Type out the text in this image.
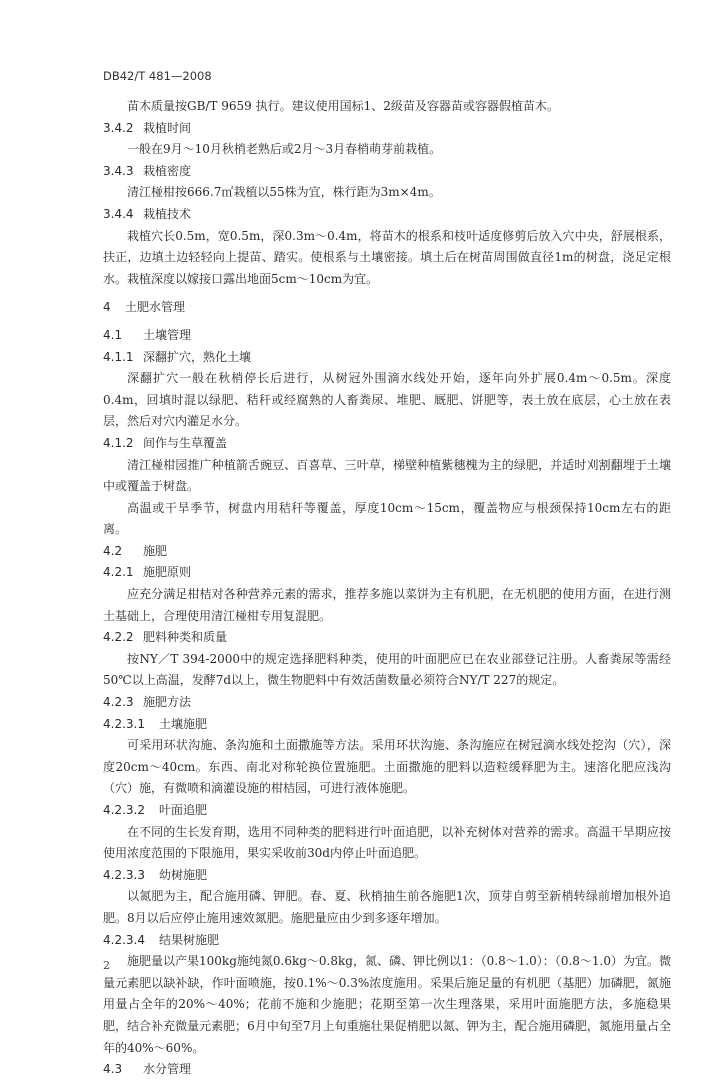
DB42/T 481—2008

苗木质量按GB/T 9659 执行。建议使用国标1、2级苗及容器苗或容器假植苗木。

3.4.2 栽植时间

一般在9月～10月秋梢老熟后或2月～3月春梢萌芽前栽植。

3.4.3 栽植密度

清江椪柑按666.7㎡栽植以55株为宜，株行距为3m×4m。

3.4.4 栽植技术

栽植穴长0.5m，宽0.5m，深0.3m～0.4m，将苗木的根系和枝叶适度修剪后放入穴中央，舒展根系，扶正，边填土边轻轻向上提苗、踏实。使根系与土壤密接。填土后在树苗周围做直径1m的树盘，浇足定根水。栽植深度以嫁接口露出地面5cm～10cm为宜。

4 土肥水管理
4.1 土壤管理
4.1.1 深翻扩穴，熟化土壤

深翻扩穴一般在秋梢停长后进行，从树冠外围滴水线处开始，逐年向外扩展0.4m～0.5m。深度0.4m，回填时混以绿肥、秸秆或经腐熟的人畜粪尿、堆肥、厩肥、饼肥等，表土放在底层，心土放在表层，然后对穴内灌足水分。

4.1.2 间作与生草覆盖

清江椪柑园推广种植箭舌豌豆、百喜草、三叶草，梯壁种植紫穗槐为主的绿肥，并适时刈割翻埋于土壤中或覆盖于树盘。

高温或干旱季节，树盘内用秸秆等覆盖，厚度10cm～15cm，覆盖物应与根颈保持10cm左右的距离。

4.2 施肥
4.2.1 施肥原则

应充分满足柑桔对各种营养元素的需求，推荐多施以菜饼为主有机肥，在无机肥的使用方面，在进行测土基础上，合理使用清江椪柑专用复混肥。

4.2.2 肥料种类和质量

按NY／T 394-2000中的规定选择肥料种类，使用的叶面肥应已在农业部登记注册。人畜粪尿等需经50℃以上高温，发酵7d以上，微生物肥料中有效活菌数量必须符合NY/T 227的规定。

4.2.3 施肥方法
4.2.3.1 土壤施肥

可采用环状沟施、条沟施和土面撒施等方法。采用环状沟施、条沟施应在树冠滴水线处挖沟（穴），深度20cm～40cm。东西、南北对称轮换位置施肥。土面撒施的肥料以造粒缓释肥为主。速溶化肥应浅沟（穴）施，有微喷和滴灌设施的柑桔园，可进行液体施肥。

4.2.3.2 叶面追肥

在不同的生长发育期，选用不同种类的肥料进行叶面追肥，以补充树体对营养的需求。高温干旱期应按使用浓度范围的下限施用，果实采收前30d内停止叶面追肥。

4.2.3.3 幼树施肥

以氮肥为主，配合施用磷、钾肥。春、夏、秋梢抽生前各施肥1次，顶芽自剪至新梢转绿前增加根外追肥。8月以后应停止施用速效氮肥。施肥量应由少到多逐年增加。

4.2.3.4 结果树施肥

施肥量以产果100kg施纯氮0.6kg～0.8kg，氮、磷、钾比例以1：（0.8～1.0）：（0.8～1.0）为宜。微量元素肥以缺补缺，作叶面喷施，按0.1%～0.3%浓度施用。采果后施足量的有机肥（基肥）加磷肥，氮施用量占全年的20%～40%；花前不施和少施肥；花期至第一次生理落果，采用叶面施肥方法，多施稳果肥，结合补充微量元素肥；6月中旬至7月上旬重施壮果促梢肥以氮、钾为主，配合施用磷肥，氮施用量占全年的40%～60%。

4.3 水分管理
2
